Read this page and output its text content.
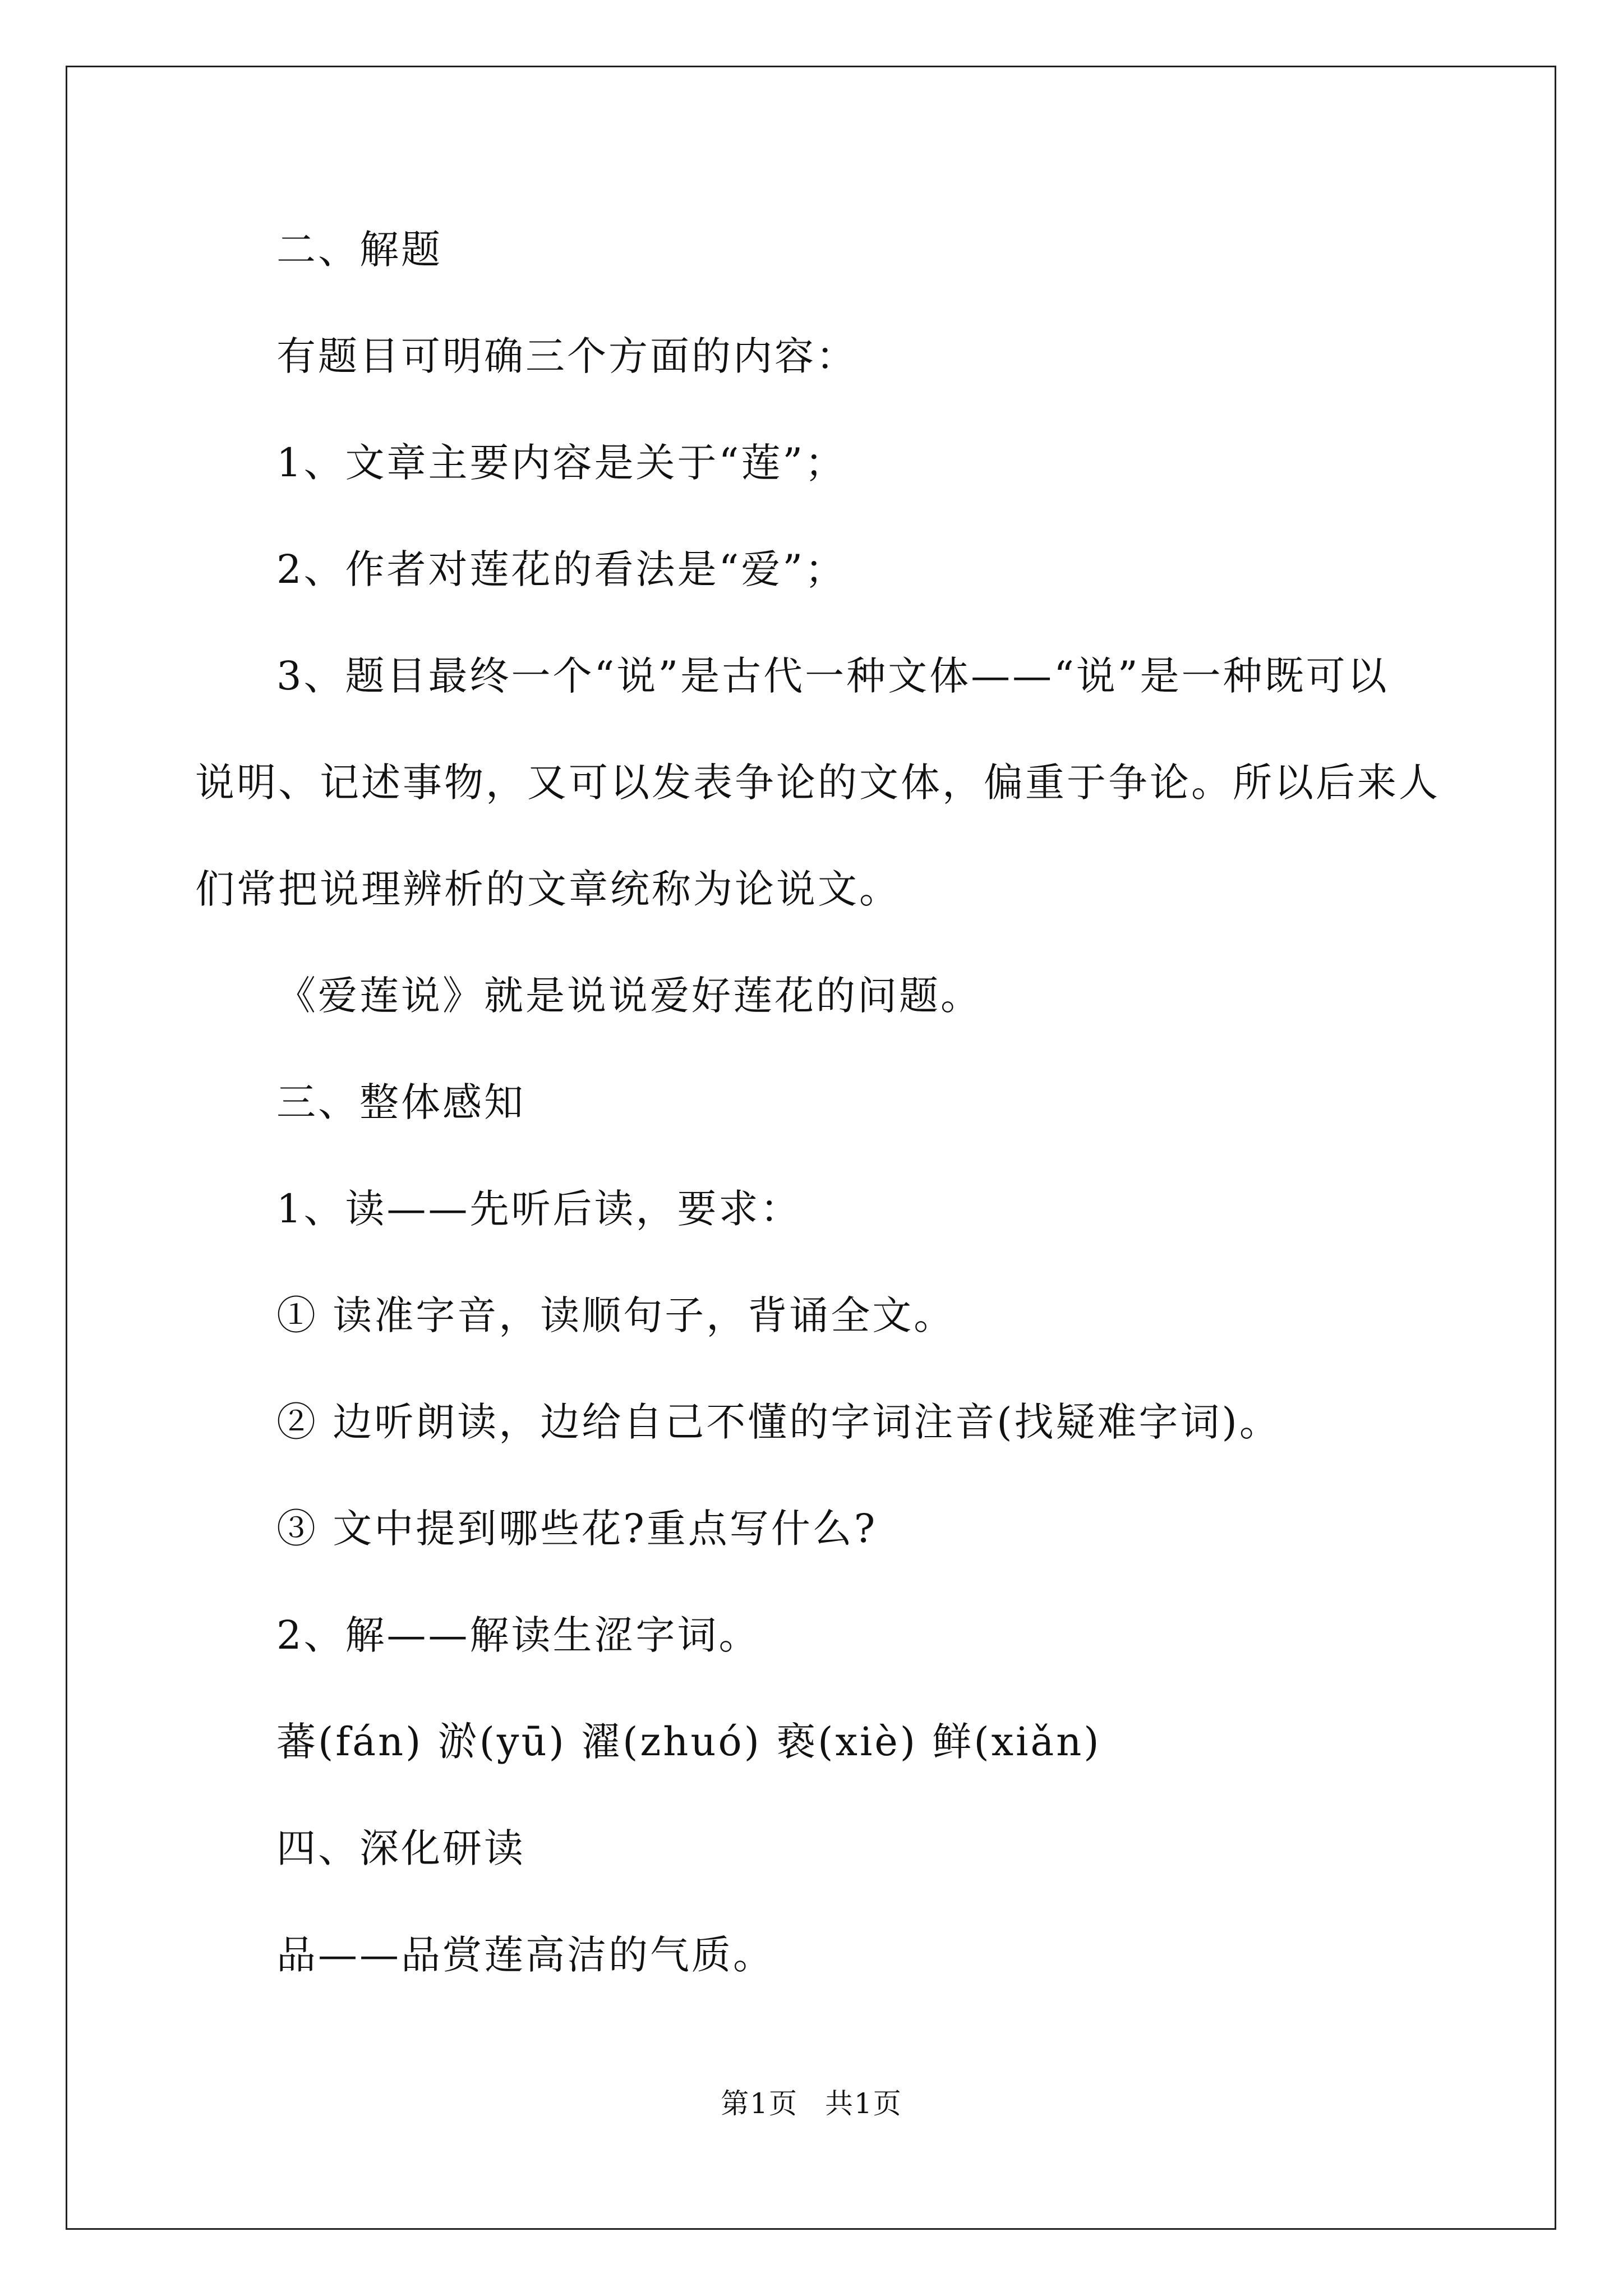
二、解题
有题目可明确三个方面的内容：
1、文章主要内容是关于“莲”；
2、作者对莲花的看法是“爱”；
3、题目最终一个“说”是古代一种文体——“说”是一种既可以
说明、记述事物，又可以发表争论的文体，偏重于争论。所以后来人
们常把说理辨析的文章统称为论说文。
《爱莲说》就是说说爱好莲花的问题。
三、整体感知
1、读——先听后读，要求：
① 读准字音，读顺句子，背诵全文。
② 边听朗读，边给自己不懂的字词注音(找疑难字词)。
③ 文中提到哪些花?重点写什么?
2、解——解读生涩字词。
蕃(fán) 淤(yū) 濯(zhuó) 亵(xiè) 鲜(xiǎn)
四、深化研读
品——品赏莲高洁的气质。
第1页 共1页
